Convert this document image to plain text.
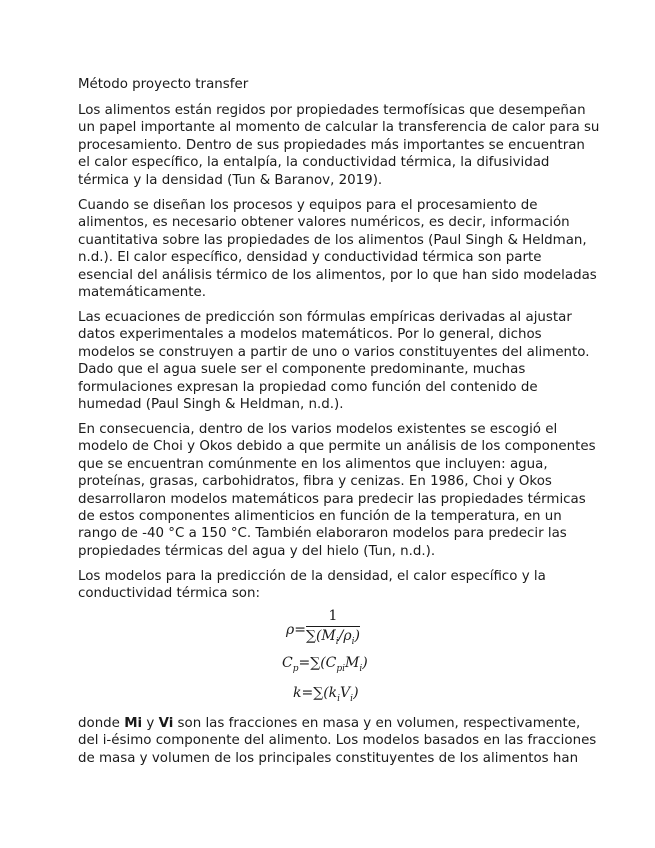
Método proyecto transfer

Los alimentos están regidos por propiedades termofísicas que desempeñan
un papel importante al momento de calcular la transferencia de calor para su
procesamiento. Dentro de sus propiedades más importantes se encuentran
el calor específico, la entalpía, la conductividad térmica, la difusividad
térmica y la densidad (Tun & Baranov, 2019).

Cuando se diseñan los procesos y equipos para el procesamiento de
alimentos, es necesario obtener valores numéricos, es decir, información
cuantitativa sobre las propiedades de los alimentos (Paul Singh & Heldman,
n.d.). El calor específico, densidad y conductividad térmica son parte
esencial del análisis térmico de los alimentos, por lo que han sido modeladas
matemáticamente.

Las ecuaciones de predicción son fórmulas empíricas derivadas al ajustar
datos experimentales a modelos matemáticos. Por lo general, dichos
modelos se construyen a partir de uno o varios constituyentes del alimento.
Dado que el agua suele ser el componente predominante, muchas
formulaciones expresan la propiedad como función del contenido de
humedad (Paul Singh & Heldman, n.d.).

En consecuencia, dentro de los varios modelos existentes se escogió el
modelo de Choi y Okos debido a que permite un análisis de los componentes
que se encuentran comúnmente en los alimentos que incluyen: agua,
proteínas, grasas, carbohidratos, fibra y cenizas. En 1986, Choi y Okos
desarrollaron modelos matemáticos para predecir las propiedades térmicas
de estos componentes alimenticios en función de la temperatura, en un
rango de -40 °C a 150 °C. También elaboraron modelos para predecir las
propiedades térmicas del agua y del hielo (Tun, n.d.).

Los modelos para la predicción de la densidad, el calor específico y la
conductividad térmica son:

$\rho= \frac{1}{\sum(M_i/\rho_i)}$
$C_p=\sum(C_{pi}M_i)$
$k=\sum(k_iV_i)$

donde Mi y Vi son las fracciones en masa y en volumen, respectivamente,
del i-ésimo componente del alimento. Los modelos basados en las fracciones
de masa y volumen de los principales constituyentes de los alimentos han
